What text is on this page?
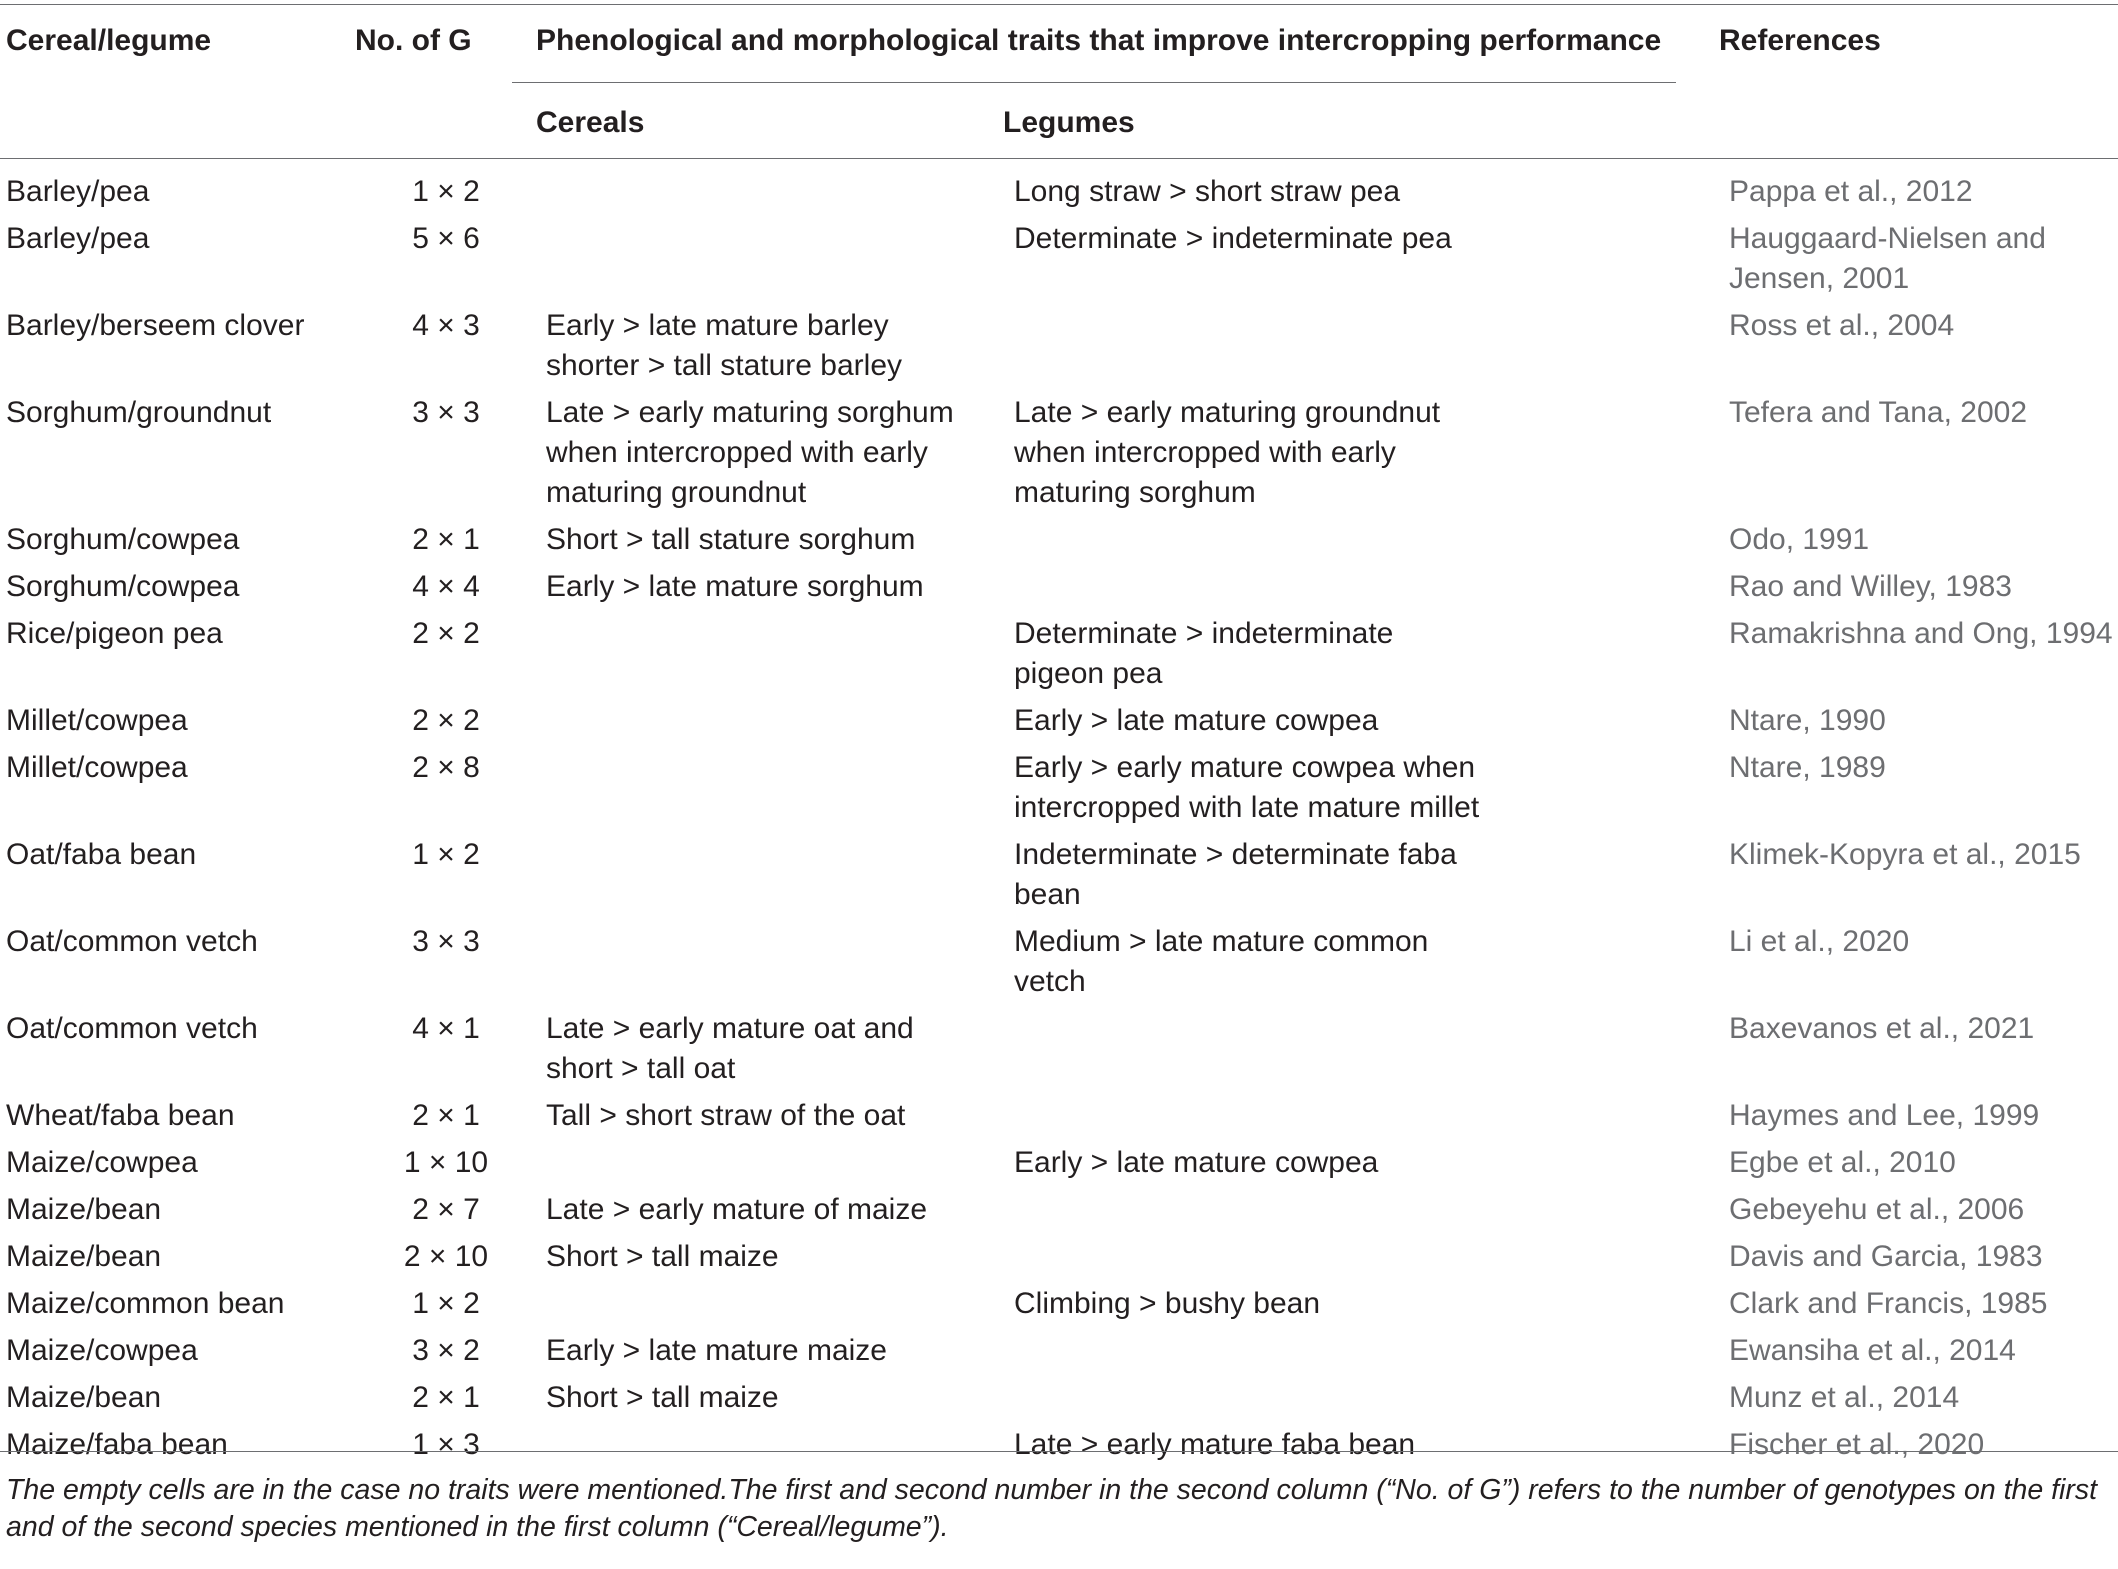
Cereal/legume	No. of G Phenological and morphological traits that improve intercropping performance References
Cereals	Legumes
Barley/pea	1 × 2		Long straw > short straw pea	Pappa et al., 2012
Barley/pea	5 × 6		Determinate > indeterminate pea	Hauggaard-Nielsen and Jensen, 2001
Barley/berseem clover	4 × 3	Early > late mature barley shorter > tall stature barley		Ross et al., 2004
Sorghum/groundnut	3 × 3	Late > early maturing sorghum when intercropped with early maturing groundnut	Late > early maturing groundnut when intercropped with early maturing sorghum	Tefera and Tana, 2002
Sorghum/cowpea	2 × 1	Short > tall stature sorghum		Odo, 1991
Sorghum/cowpea	4 × 4	Early > late mature sorghum		Rao and Willey, 1983
Rice/pigeon pea	2 × 2		Determinate > indeterminate pigeon pea	Ramakrishna and Ong, 1994
Millet/cowpea	2 × 2		Early > late mature cowpea	Ntare, 1990
Millet/cowpea	2 × 8		Early > early mature cowpea when intercropped with late mature millet	Ntare, 1989
Oat/faba bean	1 × 2		Indeterminate > determinate faba bean	Klimek-Kopyra et al., 2015
Oat/common vetch	3 × 3		Medium > late mature common vetch	Li et al., 2020
Oat/common vetch	4 × 1	Late > early mature oat and short > tall oat		Baxevanos et al., 2021
Wheat/faba bean	2 × 1	Tall > short straw of the oat		Haymes and Lee, 1999
Maize/cowpea	1 × 10		Early > late mature cowpea	Egbe et al., 2010
Maize/bean	2 × 7	Late > early mature of maize		Gebeyehu et al., 2006
Maize/bean	2 × 10	Short > tall maize		Davis and Garcia, 1983
Maize/common bean	1 × 2		Climbing > bushy bean	Clark and Francis, 1985
Maize/cowpea	3 × 2	Early > late mature maize		Ewansiha et al., 2014
Maize/bean	2 × 1	Short > tall maize		Munz et al., 2014
Maize/faba bean	1 × 3		Late > early mature faba bean	Fischer et al., 2020
The empty cells are in the case no traits were mentioned.The first and second number in the second column (“No. of G”) refers to the number of genotypes on the first and of the second species mentioned in the first column (“Cereal/legume”).
